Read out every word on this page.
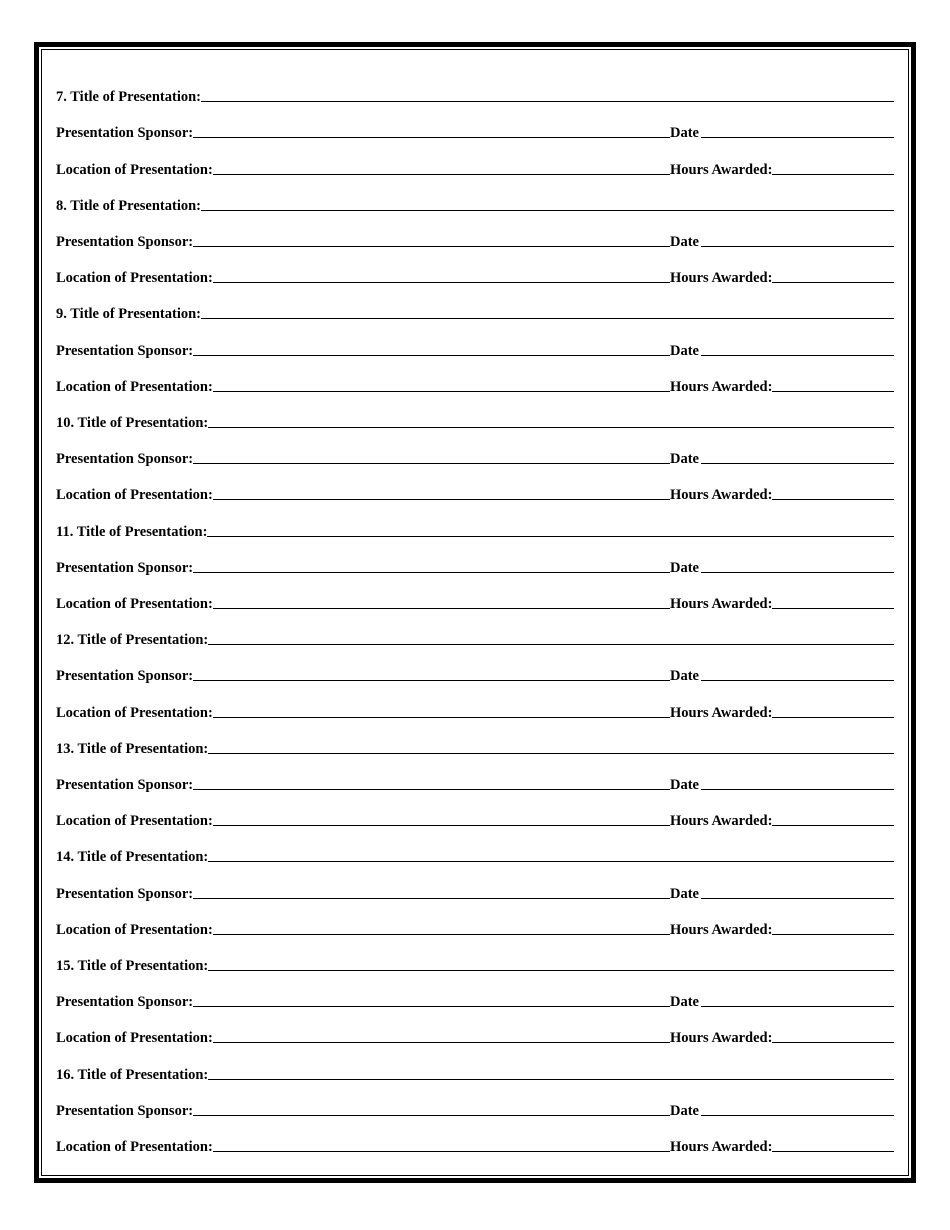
7. Title of Presentation:
Presentation Sponsor:	Date
Location of Presentation:	Hours Awarded:
8. Title of Presentation:
Presentation Sponsor:	Date
Location of Presentation:	Hours Awarded:
9. Title of Presentation:
Presentation Sponsor:	Date
Location of Presentation:	Hours Awarded:
10. Title of Presentation:
Presentation Sponsor:	Date
Location of Presentation:	Hours Awarded:
11. Title of Presentation:
Presentation Sponsor:	Date
Location of Presentation:	Hours Awarded:
12. Title of Presentation:
Presentation Sponsor:	Date
Location of Presentation:	Hours Awarded:
13. Title of Presentation:
Presentation Sponsor:	Date
Location of Presentation:	Hours Awarded:
14. Title of Presentation:
Presentation Sponsor:	Date
Location of Presentation:	Hours Awarded:
15. Title of Presentation:
Presentation Sponsor:	Date
Location of Presentation:	Hours Awarded:
16. Title of Presentation:
Presentation Sponsor:	Date
Location of Presentation:	Hours Awarded:
